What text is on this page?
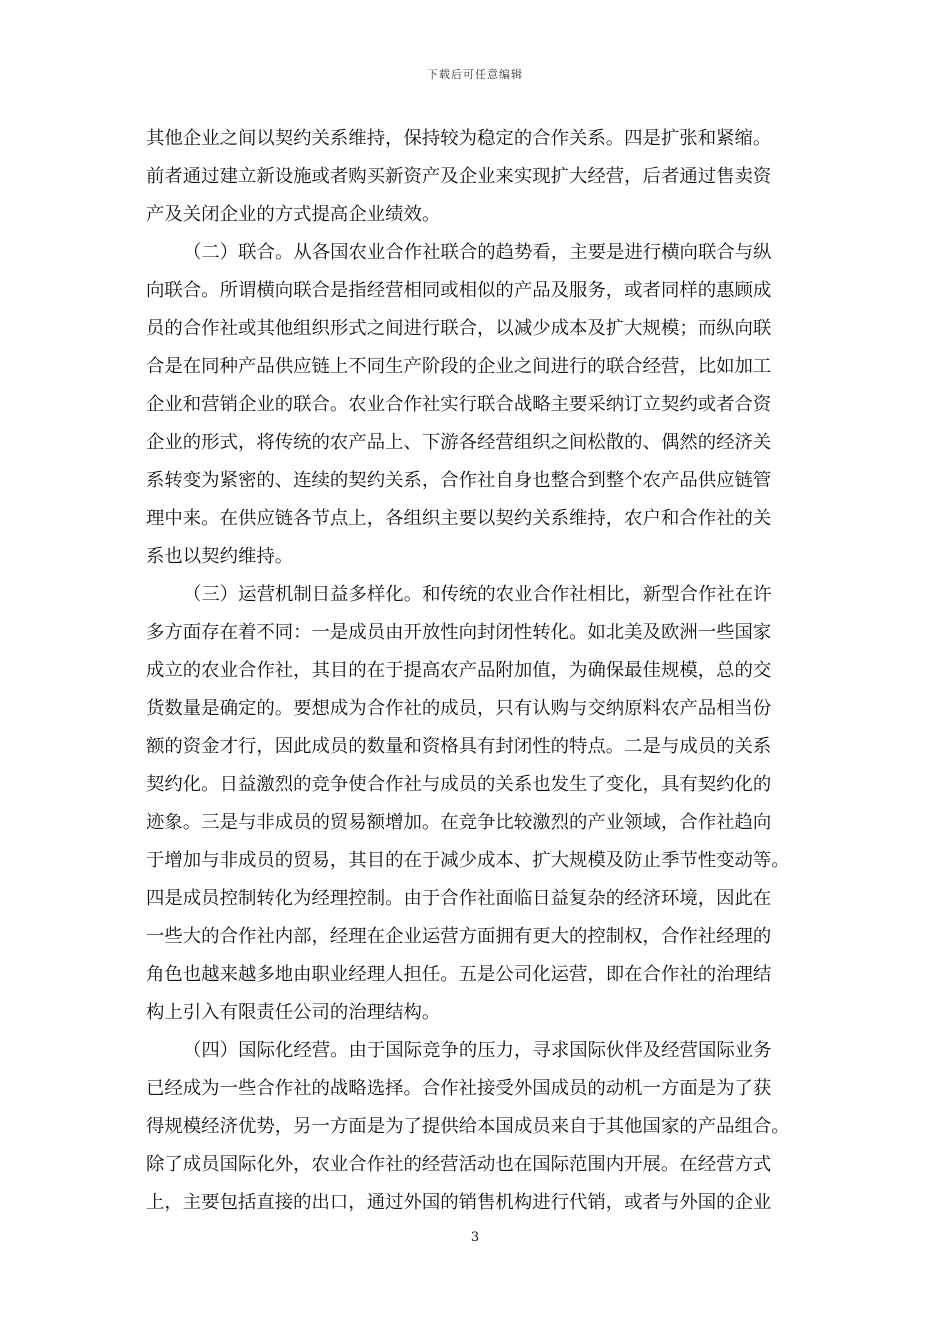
下载后可任意编辑
其他企业之间以契约关系维持，保持较为稳定的合作关系。四是扩张和紧缩。
前者通过建立新设施或者购买新资产及企业来实现扩大经营，后者通过售卖资
产及关闭企业的方式提高企业绩效。
（二）联合。从各国农业合作社联合的趋势看，主要是进行横向联合与纵
向联合。所谓横向联合是指经营相同或相似的产品及服务，或者同样的惠顾成
员的合作社或其他组织形式之间进行联合，以减少成本及扩大规模；而纵向联
合是在同种产品供应链上不同生产阶段的企业之间进行的联合经营，比如加工
企业和营销企业的联合。农业合作社实行联合战略主要采纳订立契约或者合资
企业的形式，将传统的农产品上、下游各经营组织之间松散的、偶然的经济关
系转变为紧密的、连续的契约关系，合作社自身也整合到整个农产品供应链管
理中来。在供应链各节点上，各组织主要以契约关系维持，农户和合作社的关
系也以契约维持。
（三）运营机制日益多样化。和传统的农业合作社相比，新型合作社在许
多方面存在着不同：一是成员由开放性向封闭性转化。如北美及欧洲一些国家
成立的农业合作社，其目的在于提高农产品附加值，为确保最佳规模，总的交
货数量是确定的。要想成为合作社的成员，只有认购与交纳原料农产品相当份
额的资金才行，因此成员的数量和资格具有封闭性的特点。二是与成员的关系
契约化。日益激烈的竞争使合作社与成员的关系也发生了变化，具有契约化的
迹象。三是与非成员的贸易额增加。在竞争比较激烈的产业领域，合作社趋向
于增加与非成员的贸易，其目的在于减少成本、扩大规模及防止季节性变动等。
四是成员控制转化为经理控制。由于合作社面临日益复杂的经济环境，因此在
一些大的合作社内部，经理在企业运营方面拥有更大的控制权，合作社经理的
角色也越来越多地由职业经理人担任。五是公司化运营，即在合作社的治理结
构上引入有限责任公司的治理结构。
（四）国际化经营。由于国际竞争的压力，寻求国际伙伴及经营国际业务
已经成为一些合作社的战略选择。合作社接受外国成员的动机一方面是为了获
得规模经济优势，另一方面是为了提供给本国成员来自于其他国家的产品组合。
除了成员国际化外，农业合作社的经营活动也在国际范围内开展。在经营方式
上，主要包括直接的出口，通过外国的销售机构进行代销，或者与外国的企业
3
